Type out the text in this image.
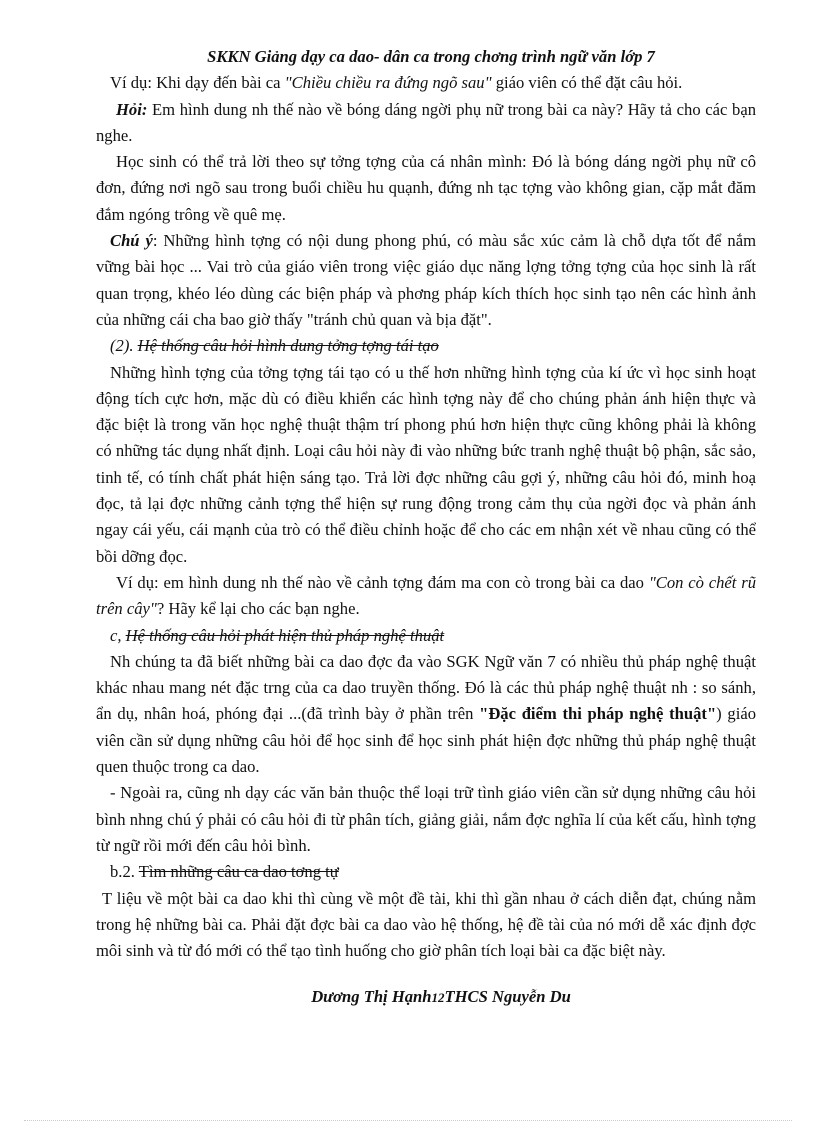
SKKN Giảng dạy ca dao- dân ca trong chơng trình ngữ văn lớp 7

Ví dụ: Khi dạy đến bài ca "Chiều chiều ra đứng ngõ sau" giáo viên có thể đặt câu hỏi.

Hỏi: Em hình dung nh thế nào về bóng dáng ngời phụ nữ trong bài ca này? Hãy tả cho các bạn nghe.

Học sinh có thể trả lời theo sự tởng tợng của cá nhân mình: Đó là bóng dáng ngời phụ nữ cô đơn, đứng nơi ngõ sau trong buổi chiều hu quạnh, đứng nh tạc tợng vào không gian, cặp mắt đăm đắm ngóng trông về quê mẹ.

Chú ý: Những hình tợng có nội dung phong phú, có màu sắc xúc cảm là chỗ dựa tốt để nắm vững bài học ... Vai trò của giáo viên trong việc giáo dục năng lợng tởng tợng của học sinh là rất quan trọng, khéo léo dùng các biện pháp và phơng pháp kích thích học sinh tạo nên các hình ảnh của những cái cha bao giờ thấy "tránh chủ quan và bịa đặt".

(2). Hệ thống câu hỏi hình dung tởng tợng tái tạo

Những hình tợng của tởng tợng tái tạo có u thế hơn những hình tợng của kí ức vì học sinh hoạt động tích cực hơn, mặc dù có điều khiển các hình tợng này để cho chúng phản ánh hiện thực và đặc biệt là trong văn học nghệ thuật thậm trí phong phú hơn hiện thực cũng không phải là không có những tác dụng nhất định. Loại câu hỏi này đi vào những bức tranh nghệ thuật bộ phận, sắc sảo, tinh tế, có tính chất phát hiện sáng tạo. Trả lời đợc những câu gợi ý, những câu hỏi đó, minh hoạ đọc, tả lại đợc những cảnh tợng thể hiện sự rung động trong cảm thụ của ngời đọc và phản ánh ngay cái yếu, cái mạnh của trò có thể điều chỉnh hoặc để cho các em nhận xét về nhau cũng có thể bồi dỡng đọc.

Ví dụ: em hình dung nh thế nào về cảnh tợng đám ma con cò trong bài ca dao "Con cò chết rũ trên cây"? Hãy kể lại cho các bạn nghe.

c, Hệ thống câu hỏi phát hiện thủ pháp nghệ thuật

Nh chúng ta đã biết những bài ca dao đợc đa vào SGK Ngữ văn 7 có nhiều thủ pháp nghệ thuật khác nhau mang nét đặc trng của ca dao truyền thống. Đó là các thủ pháp nghệ thuật nh : so sánh, ẩn dụ, nhân hoá, phóng đại ...(đã trình bày ở phần trên "Đặc điểm thi pháp nghệ thuật") giáo viên cần sử dụng những câu hỏi để học sinh để học sinh phát hiện đợc những thủ pháp nghệ thuật quen thuộc trong ca dao.

- Ngoài ra, cũng nh dạy các văn bản thuộc thể loại trữ tình giáo viên cần sử dụng những câu hỏi bình nhng chú ý phải có câu hỏi đi từ phân tích, giảng giải, nắm đợc nghĩa lí của kết cấu, hình tợng từ ngữ rồi mới đến câu hỏi bình.

b.2. Tìm những câu ca dao tơng tự

T liệu về một bài ca dao khi thì cùng về một đề tài, khi thì gần nhau ở cách diễn đạt, chúng nằm trong hệ những bài ca. Phải đặt đợc bài ca dao vào hệ thống, hệ đề tài của nó mới dễ xác định đợc môi sinh và từ đó mới có thể tạo tình huống cho giờ phân tích loại bài ca đặc biệt này.

Dương Thị Hạnh12THCS Nguyễn Du
